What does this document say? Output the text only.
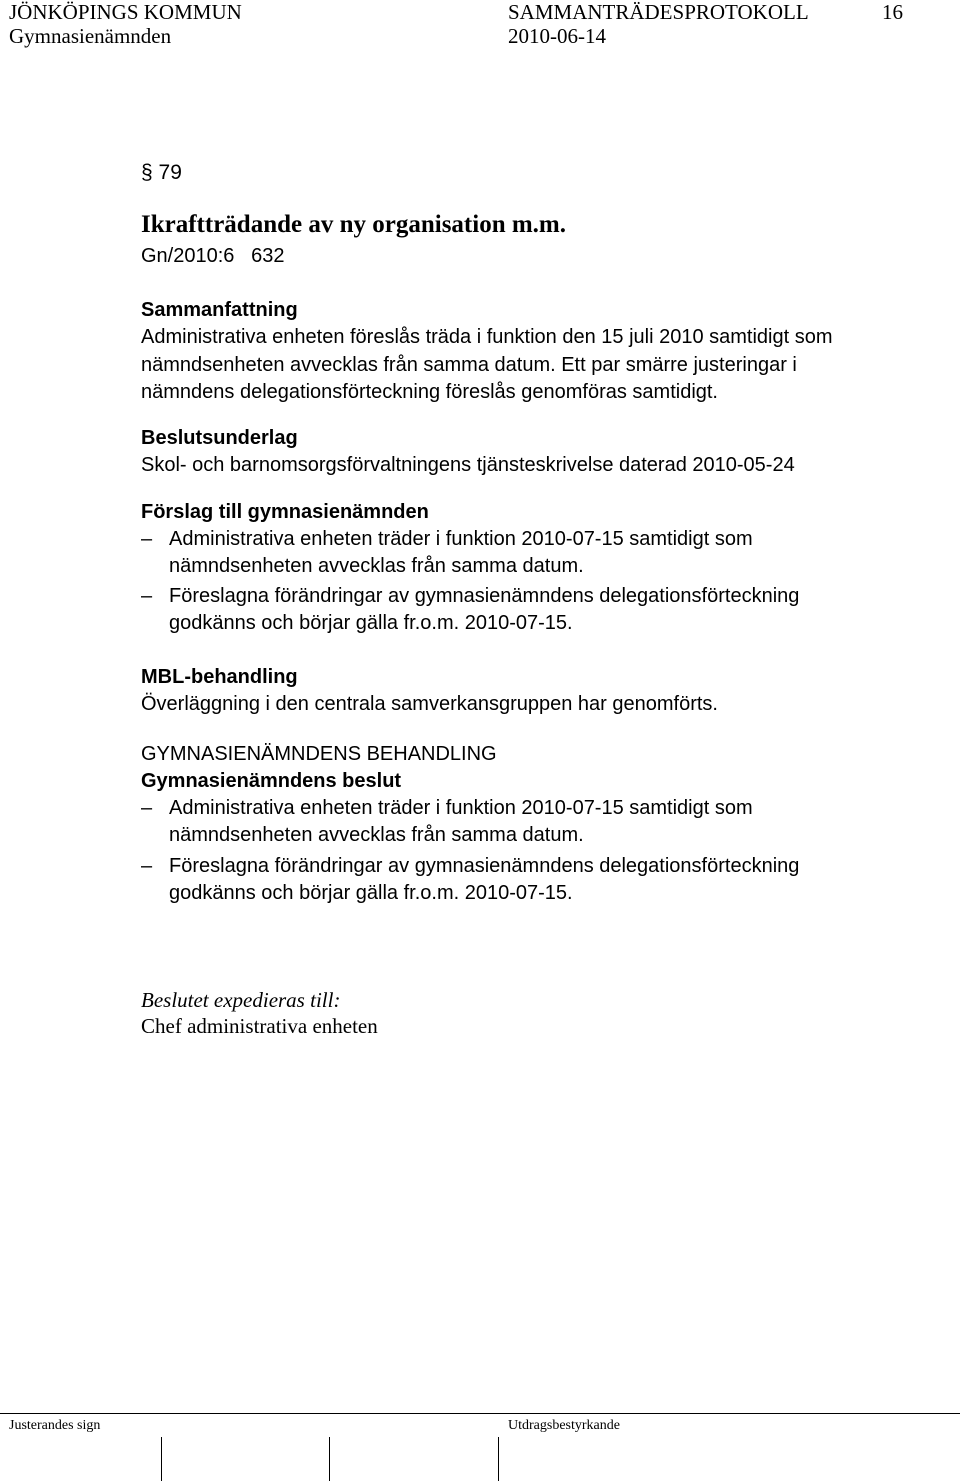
JÖNKÖPINGS KOMMUN	SAMMANTRÄDESPROTOKOLL	16
Gymnasienämnden	2010-06-14
§ 79
Ikraftträdande av ny organisation m.m.
Gn/2010:6   632
Sammanfattning
Administrativa enheten föreslås träda i funktion den 15 juli 2010 samtidigt som
nämndsenheten avvecklas från samma datum. Ett par smärre justeringar i
nämndens delegationsförteckning föreslås genomföras samtidigt.
Beslutsunderlag
Skol- och barnomsorgsförvaltningens tjänsteskrivelse daterad 2010-05-24
Förslag till gymnasienämnden
– Administrativa enheten träder i funktion 2010-07-15 samtidigt som
nämndsenheten avvecklas från samma datum.
– Föreslagna förändringar av gymnasienämndens delegationsförteckning
godkänns och börjar gälla fr.o.m. 2010-07-15.
MBL-behandling
Överläggning i den centrala samverkansgruppen har genomförts.
GYMNASIENÄMNDENS BEHANDLING
Gymnasienämndens beslut
– Administrativa enheten träder i funktion 2010-07-15 samtidigt som
nämndsenheten avvecklas från samma datum.
– Föreslagna förändringar av gymnasienämndens delegationsförteckning
godkänns och börjar gälla fr.o.m. 2010-07-15.
Beslutet expedieras till:
Chef administrativa enheten
Justerandes sign	Utdragsbestyrkande
